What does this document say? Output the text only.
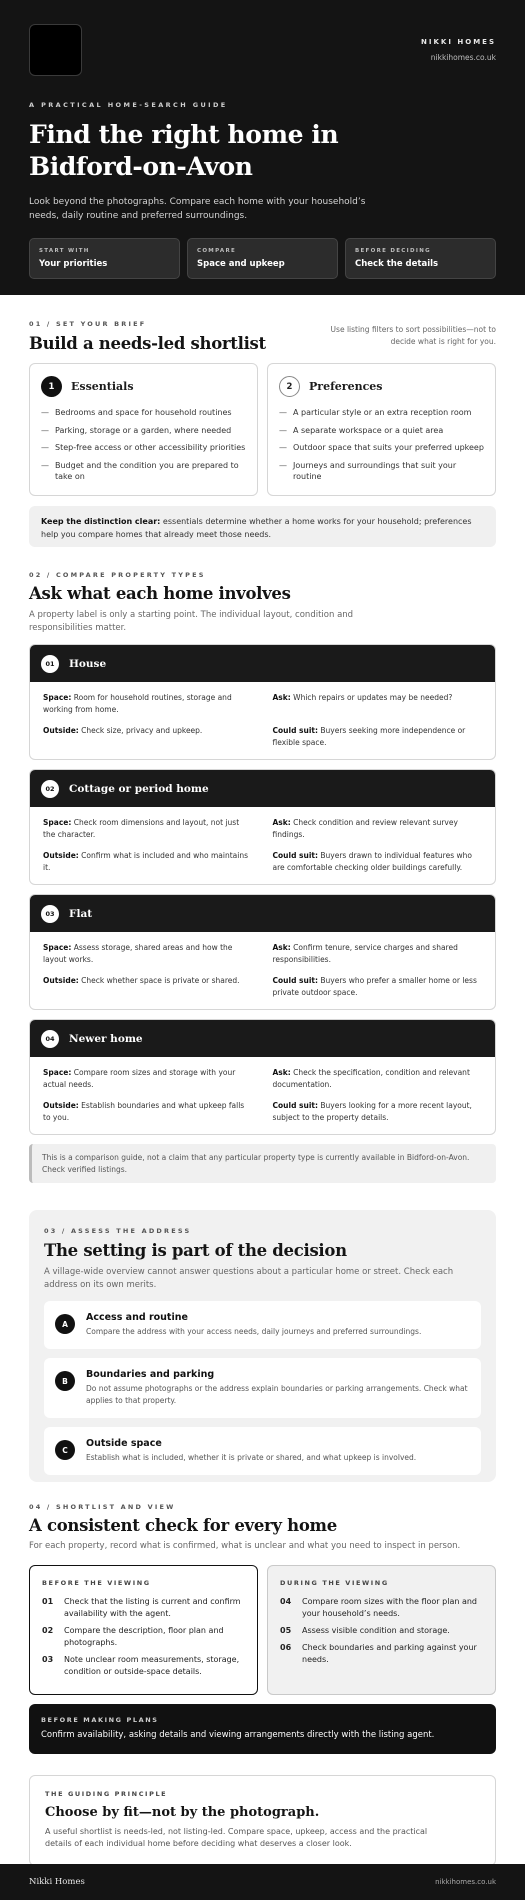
NIKKI HOMES
nikkihomes.co.uk
A PRACTICAL HOME-SEARCH GUIDE
Find the right home in
Bidford-on-Avon

Look beyond the photographs. Compare each home with your household’s needs, daily routine and preferred surroundings.

START WITH
Your priorities
COMPARE
Space and upkeep
BEFORE DECIDING
Check the details
01 / SET YOUR BRIEF
Build a needs-led shortlist
Use listing filters to sort possibilities—not to decide what is right for you.
1	Essentials
— Bedrooms and space for household routines
— Parking, storage or a garden, where needed
— Step-free access or other accessibility priorities
— Budget and the condition you are prepared to take on
2	Preferences
— A particular style or an extra reception room
— A separate workspace or a quiet area
— Outdoor space that suits your preferred upkeep
— Journeys and surroundings that suit your routine
Keep the distinction clear: essentials determine whether a home works for your household; preferences help you compare homes that already meet those needs.
02 / COMPARE PROPERTY TYPES
Ask what each home involves

A property label is only a starting point. The individual layout, condition and responsibilities matter.

01	House
Space: Room for household routines, storage and working from home.
Ask: Which repairs or updates may be needed?
Outside: Check size, privacy and upkeep.	Could suit: Buyers seeking more independence or flexible space.
02	Cottage or period home
Space: Check room dimensions and layout, not just the character.
Ask: Check condition and review relevant survey findings.
Outside: Confirm what is included and who maintains it.
Could suit: Buyers drawn to individual features who are comfortable checking older buildings carefully.
03	Flat
Space: Assess storage, shared areas and how the layout works.
Ask: Confirm tenure, service charges and shared responsibilities.
Outside: Check whether space is private or shared.	Could suit: Buyers who prefer a smaller home or less private outdoor space.
04	Newer home
Space: Compare room sizes and storage with your actual needs.
Ask: Check the specification, condition and relevant documentation.
Outside: Establish boundaries and what upkeep falls to you.
Could suit: Buyers looking for a more recent layout, subject to the property details.
This is a comparison guide, not a claim that any particular property type is currently available in Bidford-on-Avon. Check verified listings.
03 / ASSESS THE ADDRESS
The setting is part of the decision

A village-wide overview cannot answer questions about a particular home or street. Check each address on its own merits.

A
Access and routine
Compare the address with your access needs, daily journeys and preferred surroundings.
B
Boundaries and parking
Do not assume photographs or the address explain boundaries or parking arrangements. Check what applies to that property.
C
Outside space
Establish what is included, whether it is private or shared, and what upkeep is involved.
04 / SHORTLIST AND VIEW
A consistent check for every home

For each property, record what is confirmed, what is unclear and what you need to inspect in person.

BEFORE THE VIEWING
01	Check that the listing is current and confirm availability with the agent.
02	Compare the description, floor plan and photographs.
03	Note unclear room measurements, storage, condition or outside-space details.
DURING THE VIEWING
04	Compare room sizes with the floor plan and your household’s needs.
05	Assess visible condition and storage.
06	Check boundaries and parking against your needs.
BEFORE MAKING PLANS
Confirm availability, asking details and viewing arrangements directly with the listing agent.
THE GUIDING PRINCIPLE
Choose by fit—not by the photograph.
A useful shortlist is needs-led, not listing-led. Compare space, upkeep, access and the practical details of each individual home before deciding what deserves a closer look.
Nikki Homes	nikkihomes.co.uk
